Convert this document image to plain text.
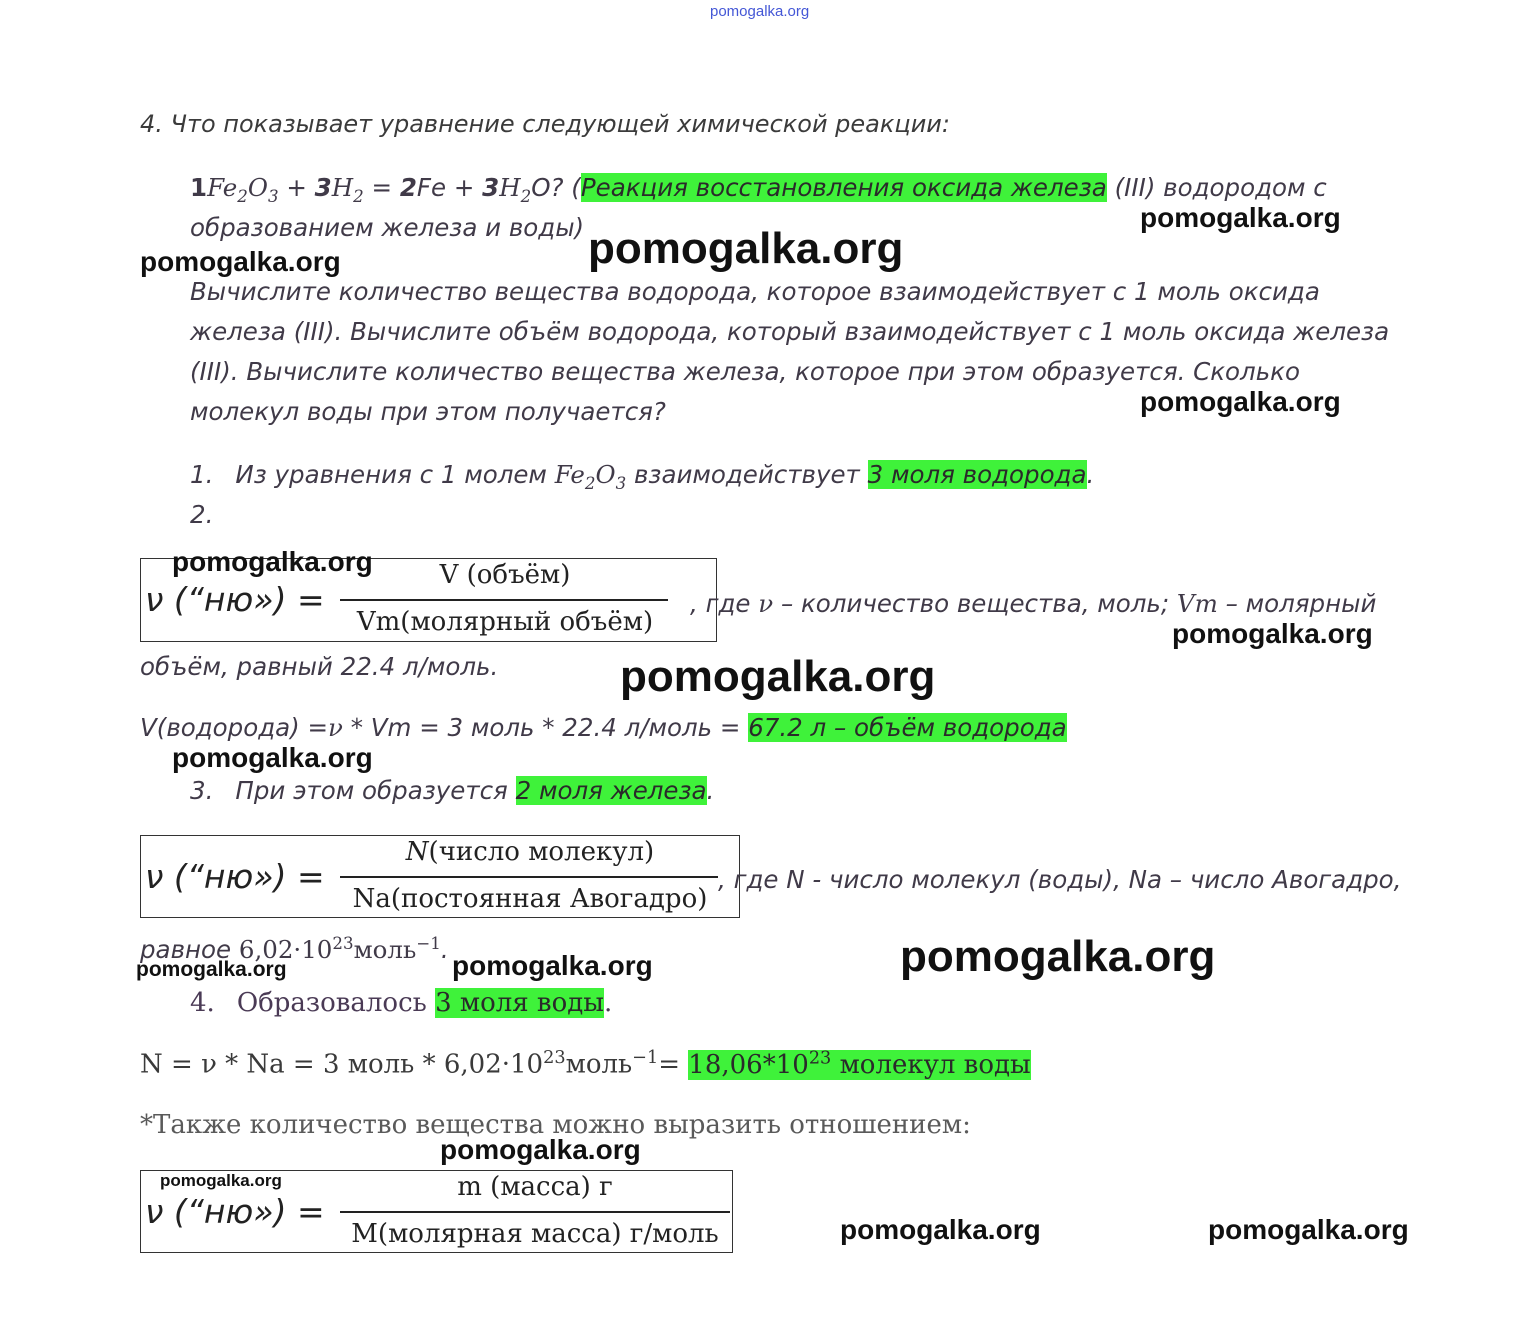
pomogalka.org
4. Что показывает уравнение следующей химической реакции:
$1Fe_2O_3 + 3H_2 = 2Fe + 3H_2O$? (Реакция восстановления оксида железа (III) водородом с
образованием железа и воды)
Вычислите количество вещества водорода, которое взаимодействует с 1 моль оксида
железа (III). Вычислите объём водорода, который взаимодействует с 1 моль оксида железа
(III). Вычислите количество вещества железа, которое при этом образуется. Сколько
молекул воды при этом получается?
1. Из уравнения с 1 молем $Fe_2O_3$ взаимодействует 3 моля водорода.
2.
ν (“ню») =
V (объём)
Vm(молярный объём)
, где ν – количество вещества, моль; Vm – молярный
объём, равный 22.4 л/моль.
V(водорода) =ν * Vm = 3 моль * 22.4 л/моль = 67.2 л – объём водорода
3. При этом образуется 2 моля железа.
ν (“ню») =
N(число молекул)
Na(постоянная Авогадро)
, где N - число молекул (воды), Na – число Авогадро,
равное $6,02\cdot 10^{23}моль^{-1}$.
4. Образовалось 3 моля воды.
N = ν * Na = 3 моль * $6,02\cdot 10^{23}моль^{-1}= 18,06*10^{23}$ молекул воды
*Также количество вещества можно выразить отношением:
ν (“ню») =
m (масса) г
M(молярная масса) г/моль
pomogalka.org
pomogalka.org
pomogalka.org
pomogalka.org
pomogalka.org
pomogalka.org
pomogalka.org
pomogalka.org
pomogalka.org
pomogalka.org	pomogalka.org
pomogalka.org
pomogalka.org
pomogalka.org	pomogalka.org
